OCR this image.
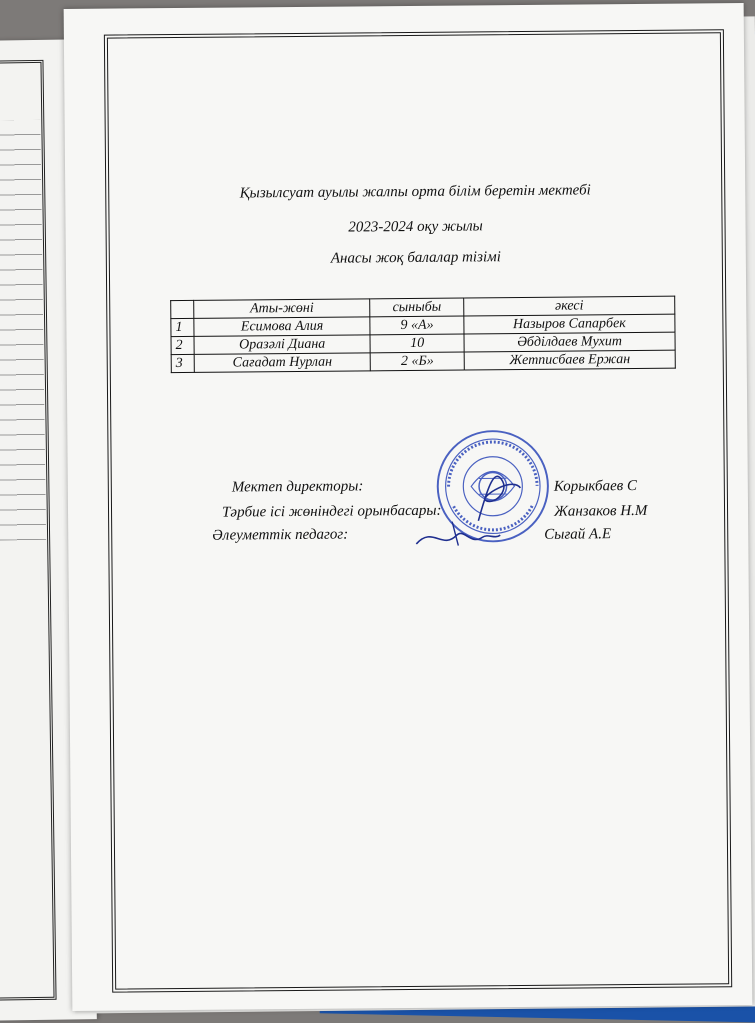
Қызылсуат ауылы жалпы орта білім беретін мектебі
2023-2024 оқу жылы
Анасы жоқ балалар тізімі
	Аты-жөні	сыныбы	әкесі
1	Есимова Алия	9 «А»	Назыров Сапарбек
2	Оразәлі Диана	10	Әбділдаев Мухит
3	Сағадат Нурлан	2 «Б»	Жетписбаев Ержан
Мектеп директоры:	Корыкбаев С
Тәрбие ісі жөніндегі орынбасары:	Жанзаков Н.М
Әлеуметтік педагог:	Сығай А.Е
